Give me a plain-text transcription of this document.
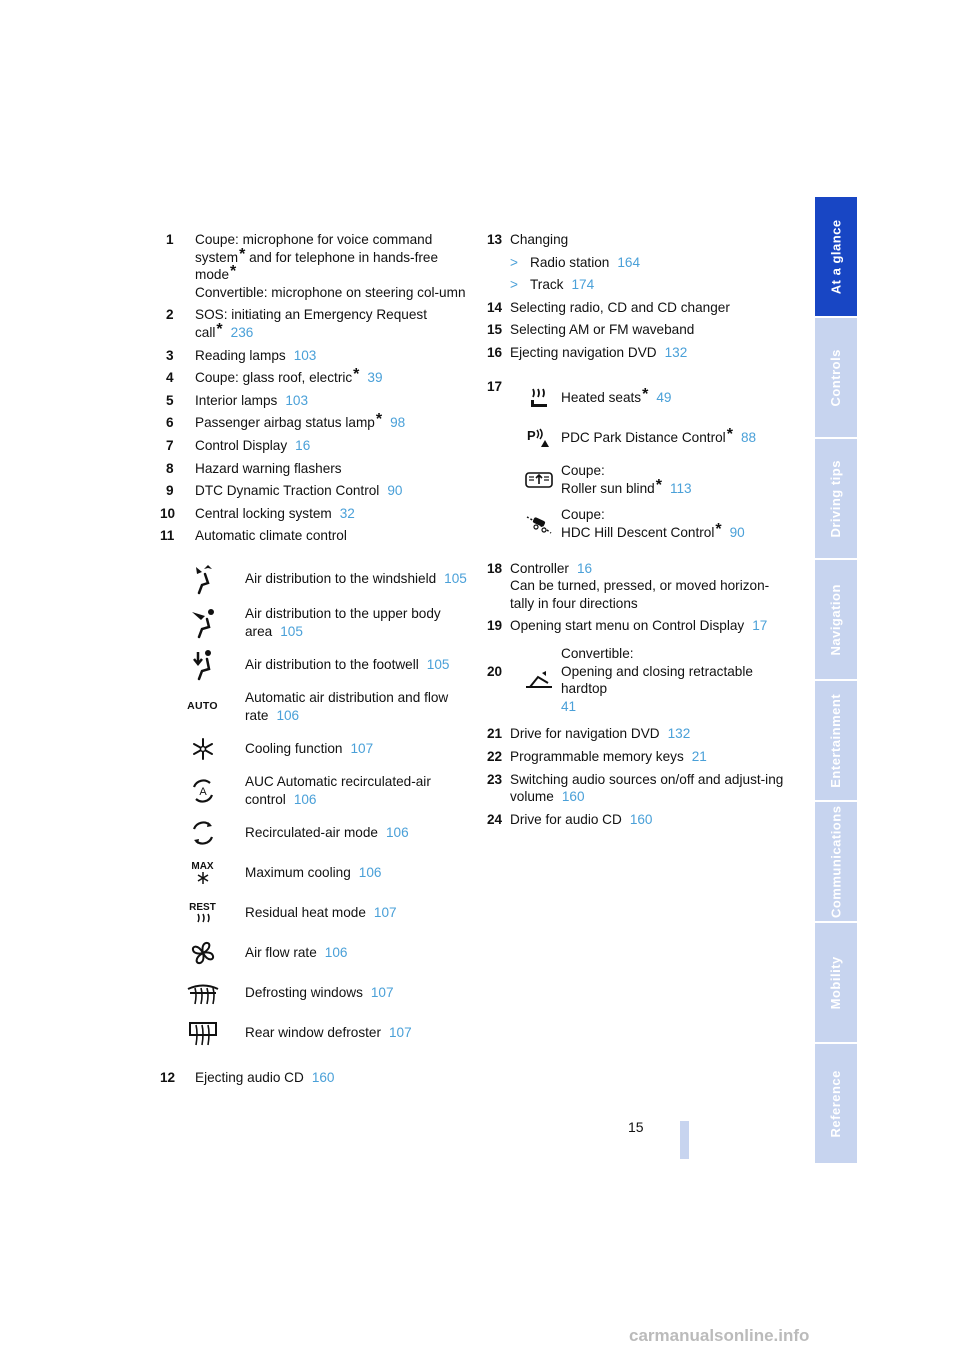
1 Coupe: microphone for voice command system* and for telephone in hands-free mode*
Convertible: microphone on steering col-umn
2 SOS: initiating an Emergency Request call* 236
3 Reading lamps 103
4 Coupe: glass roof, electric* 39
5 Interior lamps 103
6 Passenger airbag status lamp* 98
7 Control Display 16
8 Hazard warning flashers
9 DTC Dynamic Traction Control 90
10 Central locking system 32
11 Automatic climate control
Air distribution to the windshield 105
Air distribution to the upper body area 105
Air distribution to the footwell 105
AUTO
Automatic air distribution and flow rate 106
Cooling function 107
A
AUC Automatic recirculated-air control 106
Recirculated-air mode 106
MAX Maximum cooling 106
REST Residual heat mode 107
Air flow rate 106
Defrosting windows 107
Rear window defroster 107
12 Ejecting audio CD 160
13 Changing
> Radio station 164
> Track 174
14 Selecting radio, CD and CD changer
15 Selecting AM or FM waveband
16 Ejecting navigation DVD 132
17
Heated seats* 49
P PDC Park Distance Control* 88
Coupe:
Roller sun blind* 113
Coupe:
HDC Hill Descent Control* 90
18 Controller 16
Can be turned, pressed, or moved horizon-tally in four directions
19 Opening start menu on Control Display 17
20
Convertible:
Opening and closing retractable hardtop
41
21 Drive for navigation DVD 132
22 Programmable memory keys 21
23 Switching audio sources on/off and adjust-ing volume 160
24 Drive for audio CD 160
At a glance
Controls
Driving tips
Navigation
Entertainment
Communications
Mobility
Reference
15
carmanualsonline.info
